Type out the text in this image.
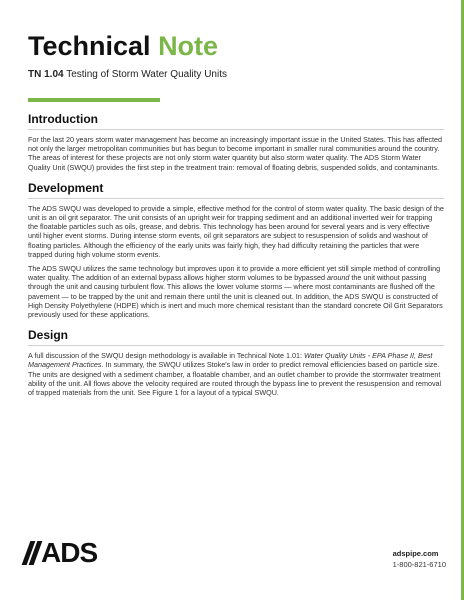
Technical Note
TN 1.04 Testing of Storm Water Quality Units
Introduction

For the last 20 years storm water management has become an increasingly important issue in the United States. This has affected not only the larger metropolitan communities but has begun to become important in smaller rural communities around the country. The areas of interest for these projects are not only storm water quantity but also storm water quality. The ADS Storm Water Quality Unit (SWQU) provides the first step in the treatment train: removal of floating debris, suspended solids, and contaminants.

Development

The ADS SWQU was developed to provide a simple, effective method for the control of storm water quality. The basic design of the unit is an oil grit separator. The unit consists of an upright weir for trapping sediment and an additional inverted weir for trapping the floatable particles such as oils, grease, and debris. This technology has been around for several years and is very effective until higher event storms. During intense storm events, oil grit separators are subject to resuspension of solids and washout of floating particles. Although the efficiency of the early units was fairly high, they had difficulty retaining the particles that were trapped during high volume storm events.

The ADS SWQU utilizes the same technology but improves upon it to provide a more efficient yet still simple method of controlling water quality. The addition of an external bypass allows higher storm volumes to be bypassed around the unit without passing through the unit and causing turbulent flow. This allows the lower volume storms — where most contaminants are flushed off the pavement — to be trapped by the unit and remain there until the unit is cleaned out. In addition, the ADS SWQU is constructed of High Density Polyethylene (HDPE) which is inert and much more chemical resistant than the standard concrete Oil Grit Separators previously used for these applications.

Design

A full discussion of the SWQU design methodology is available in Technical Note 1.01: Water Quality Units - EPA Phase II, Best Management Practices. In summary, the SWQU utilizes Stoke's law in order to predict removal efficiencies based on particle size. The units are designed with a sediment chamber, a floatable chamber, and an outlet chamber to provide the stormwater treatment ability of the unit. All flows above the velocity required are routed through the bypass line to prevent the resuspension and removal of trapped materials from the unit. See Figure 1 for a layout of a typical SWQU.

ADS	adspipe.com
1-800-821-6710
